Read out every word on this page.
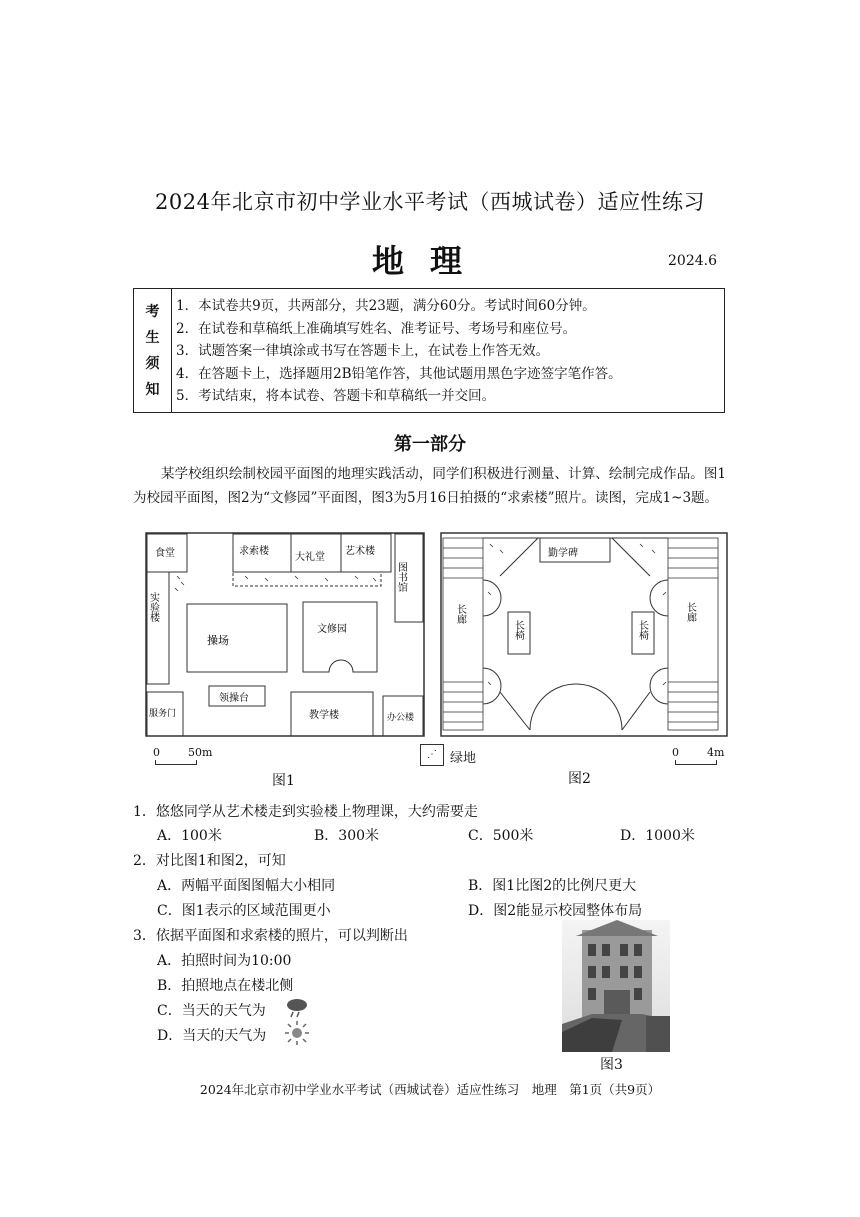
2024年北京市初中学业水平考试（西城试卷）适应性练习
地理	2024.6
考
生
须
知
1．本试卷共9页，共两部分，共23题，满分60分。考试时间60分钟。
2．在试卷和草稿纸上准确填写姓名、准考证号、考场号和座位号。
3．试题答案一律填涂或书写在答题卡上，在试卷上作答无效。
4．在答题卡上，选择题用2B铅笔作答，其他试题用黑色字迹签字笔作答。
5．考试结束，将本试卷、答题卡和草稿纸一并交回。
第一部分
某学校组织绘制校园平面图的地理实践活动，同学们积极进行测量、计算、绘制完成作品。图1为校园平面图，图2为“文修园”平面图，图3为5月16日拍摄的“求索楼”照片。读图，完成1~3题。
食堂	求索楼
大礼堂
艺术楼
图书馆
实验楼
操场
文修园
领操台
服务门	教学楼	办公楼
0	50m
图1
⋰	绿地
勤学碑
长廊	长廊
长椅	长椅
0	4m
图2
1．悠悠同学从艺术楼走到实验楼上物理课，大约需要走
A．100米	B．300米	C．500米	D．1000米
2．对比图1和图2，可知
A．两幅平面图图幅大小相同	B．图1比图2的比例尺更大
C．图1表示的区域范围更小	D．图2能显示校园整体布局
3．依据平面图和求索楼的照片，可以判断出
A．拍照时间为10:00
B．拍照地点在楼北侧
C．当天的天气为
D．当天的天气为
图3
2024年北京市初中学业水平考试（西城试卷）适应性练习　地理　第1页（共9页）
